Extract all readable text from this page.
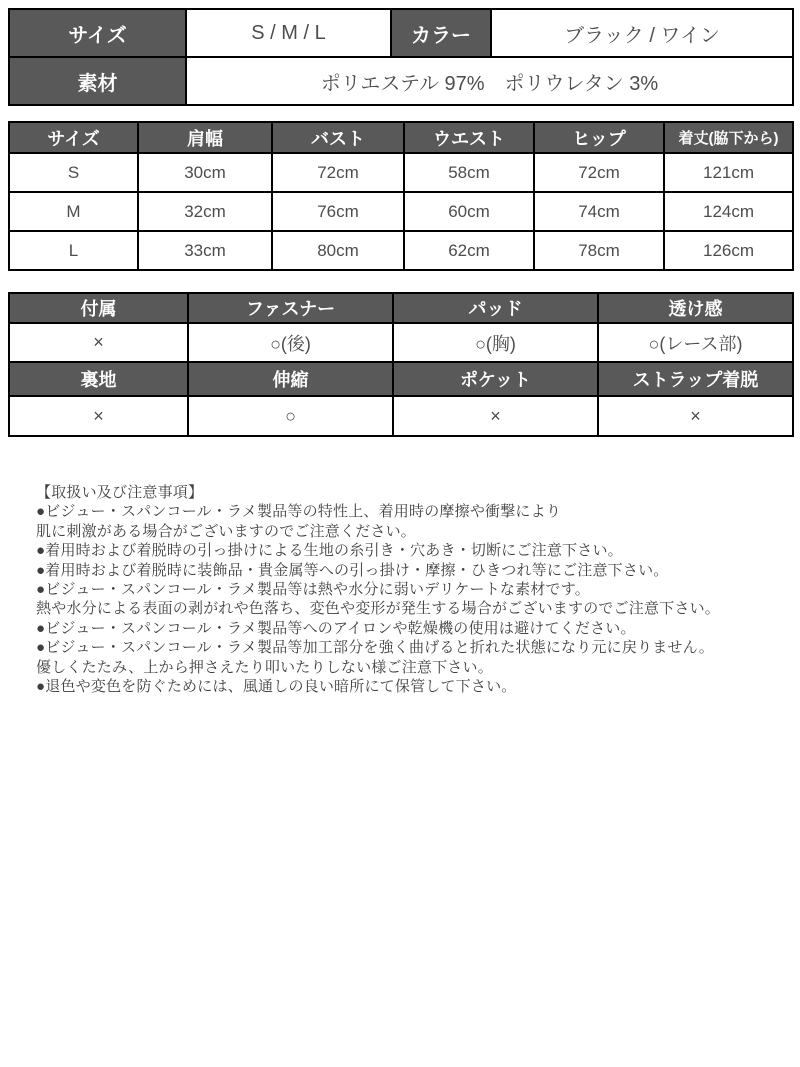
サイズ	S / M / L	カラー	ブラック / ワイン
素材	ポリエステル 97%　ポリウレタン 3%		
サイズ	肩幅	バスト	ウエスト	ヒップ	着丈(脇下から)
S	30cm	72cm	58cm	72cm	121cm
M	32cm	76cm	60cm	74cm	124cm
L	33cm	80cm	62cm	78cm	126cm
付属	ファスナー	パッド	透け感
×	○(後)	○(胸)	○(レース部)
裏地	伸縮	ポケット	ストラップ着脱
×	○	×	×
【取扱い及び注意事項】
●ビジュー・スパンコール・ラメ製品等の特性上、着用時の摩擦や衝撃により
肌に刺激がある場合がございますのでご注意ください。
●着用時および着脱時の引っ掛けによる生地の糸引き・穴あき・切断にご注意下さい。
●着用時および着脱時に装飾品・貴金属等への引っ掛け・摩擦・ひきつれ等にご注意下さい。
●ビジュー・スパンコール・ラメ製品等は熱や水分に弱いデリケートな素材です。
熱や水分による表面の剥がれや色落ち、変色や変形が発生する場合がございますのでご注意下さい。
●ビジュー・スパンコール・ラメ製品等へのアイロンや乾燥機の使用は避けてください。
●ビジュー・スパンコール・ラメ製品等加工部分を強く曲げると折れた状態になり元に戻りません。
優しくたたみ、上から押さえたり叩いたりしない様ご注意下さい。
●退色や変色を防ぐためには、風通しの良い暗所にて保管して下さい。
